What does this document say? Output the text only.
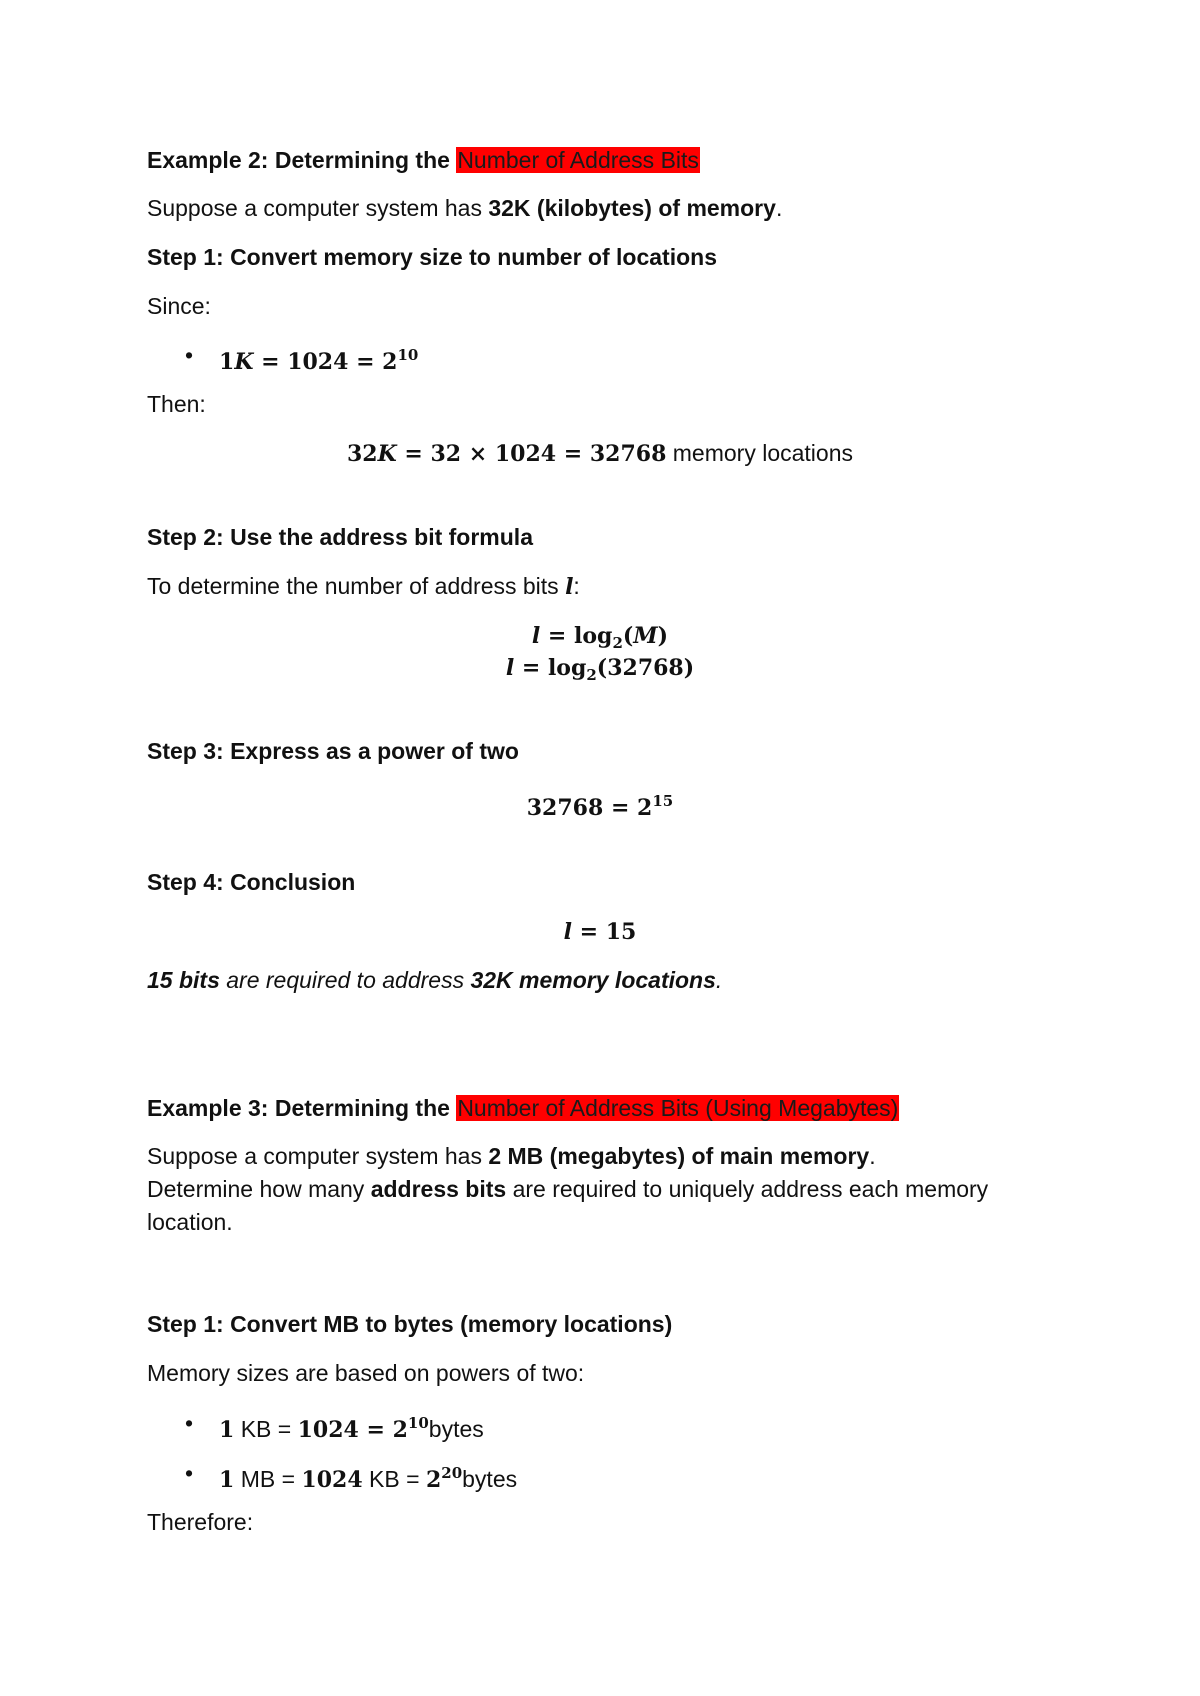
Example 2: Determining the Number of Address Bits
Suppose a computer system has 32K (kilobytes) of memory.
Step 1: Convert memory size to number of locations
Since:
• $1K = 1024 = 2^{10}$
Then:
32K = 32 × 1024 = 32768 memory locations
Step 2: Use the address bit formula
To determine the number of address bits l:
$l = \log_2(M)$
$l = \log_2(32768)$
Step 3: Express as a power of two
$32768 = 2^{15}$
Step 4: Conclusion
l = 15
15 bits are required to address 32K memory locations.
Example 3: Determining the Number of Address Bits (Using Megabytes)
Suppose a computer system has 2 MB (megabytes) of main memory.
Determine how many address bits are required to uniquely address each memory
location.
Step 1: Convert MB to bytes (memory locations)
Memory sizes are based on powers of two:
• 1 KB = $1024 = 2^{10}bytes$
• 1 MB = 1024 KB = $2^{20}bytes$
Therefore:
